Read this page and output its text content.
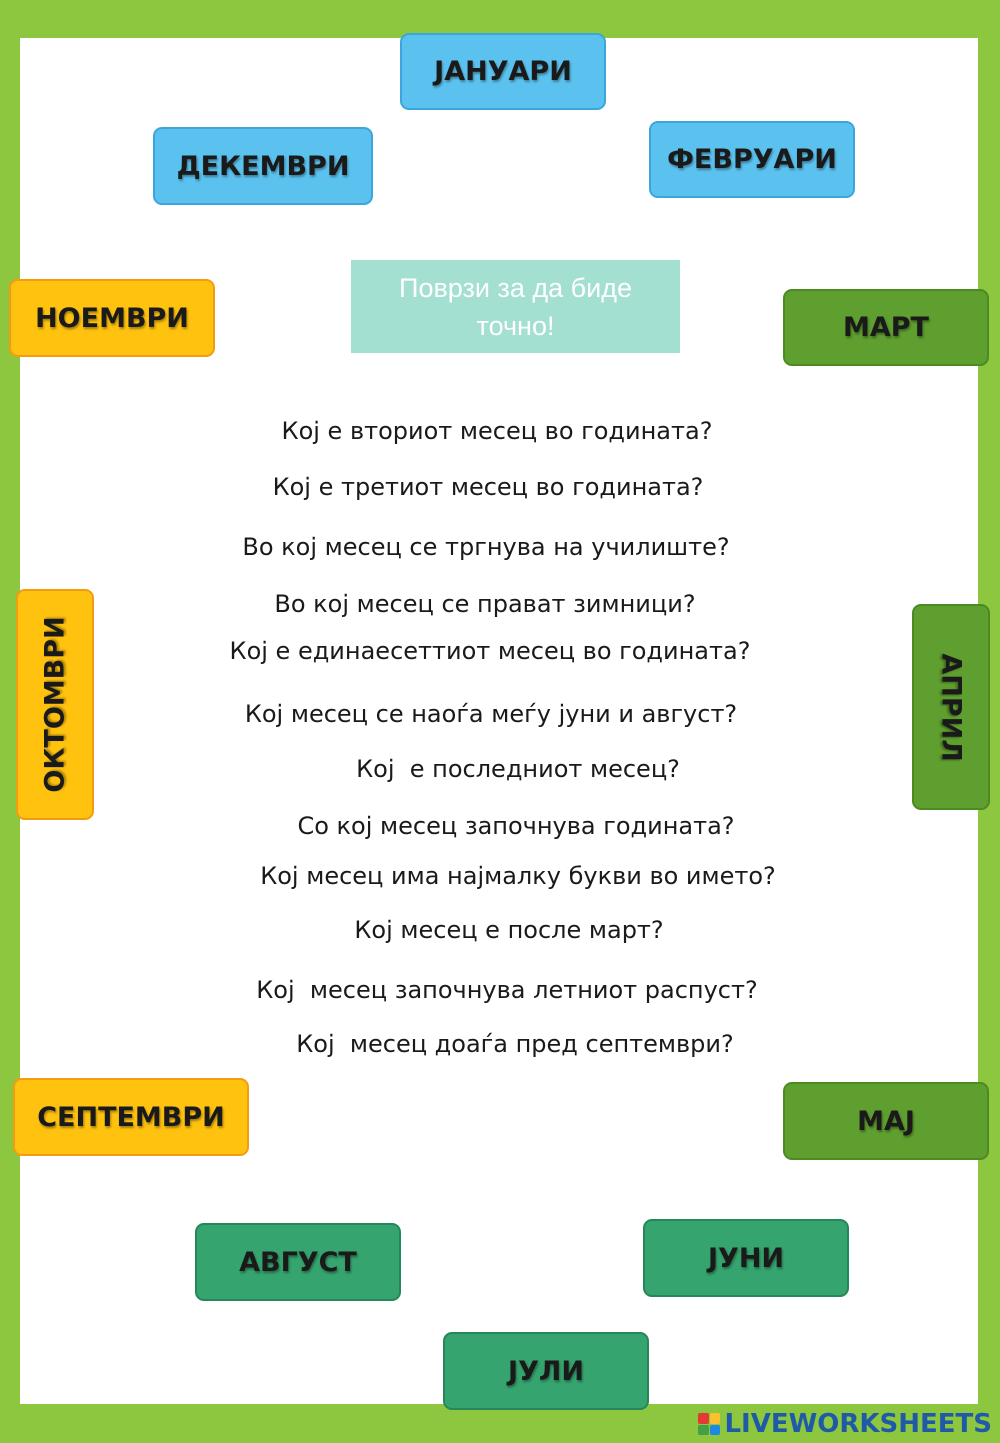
ЈАНУАРИ
ФЕВРУАРИ
ДЕКЕМВРИ
НОЕМВРИ	МАРТ
ОКТОМВРИ	АПРИЛ
СЕПТЕМВРИ	МАЈ
АВГУСТ	ЈУНИ
ЈУЛИ
Поврзи за да биде точно!
Кој е вториот месец во годината?
Кој е третиот месец во годината?
Во кој месец се тргнува на училиште?
Во кој месец се прават зимници?
Кој е единаесеттиот месец во годината?
Кој месец се наоѓа меѓу јуни и август?
Кој  е последниот месец?
Со кој месец започнува годината?
Кој месец има најмалку букви во името?
Кој месец е после март?
Кој  месец започнува летниот распуст?
Кој  месец доаѓа пред септември?
LIVEWORKSHEETS
